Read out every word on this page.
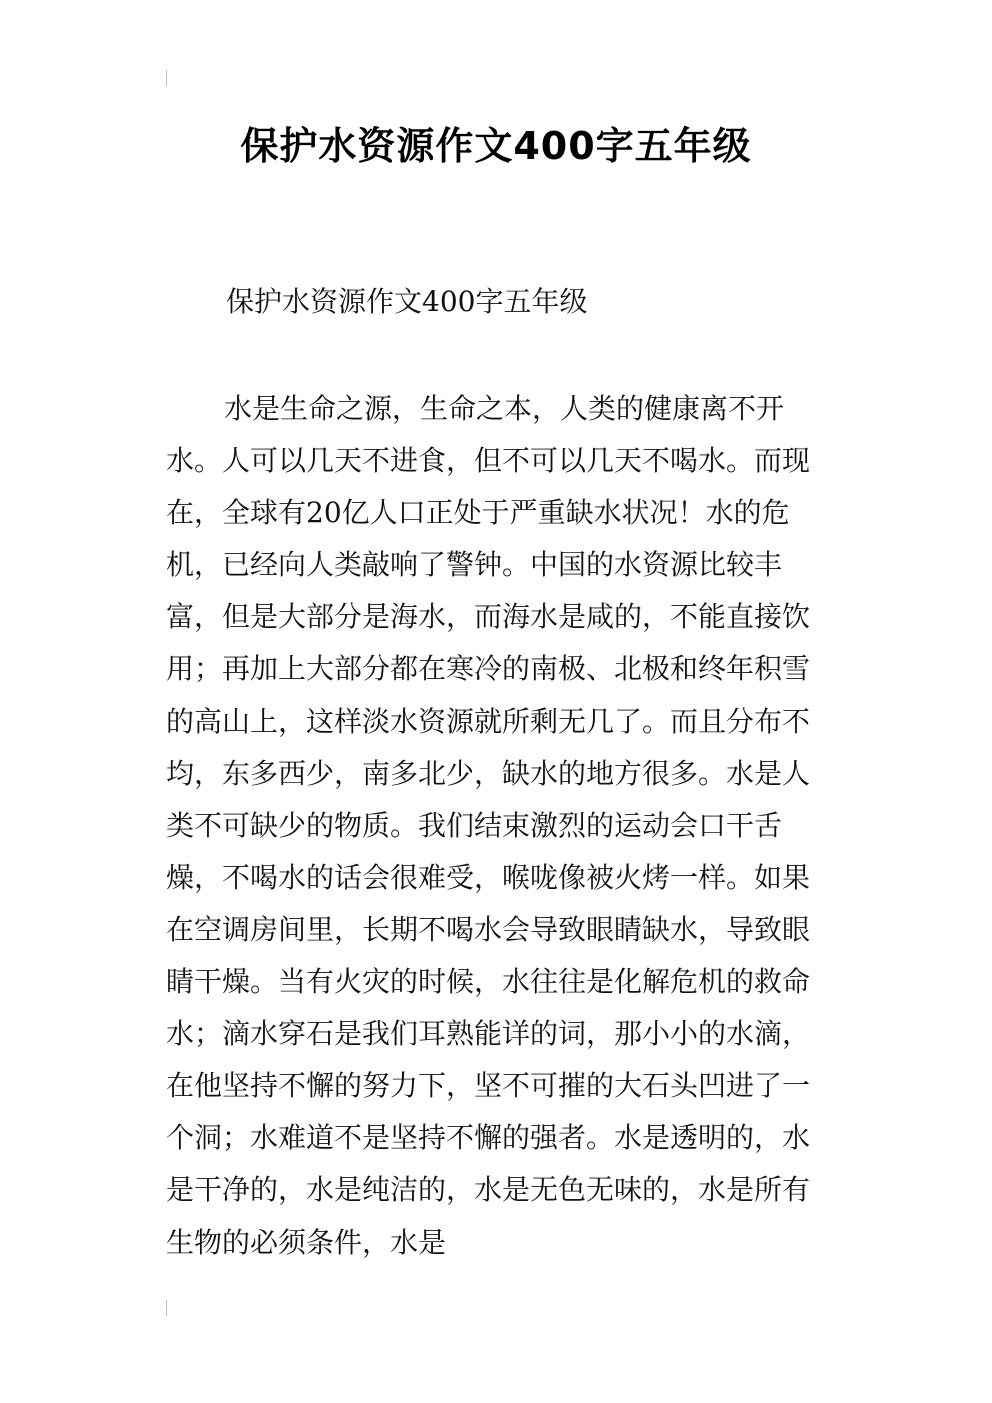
保护水资源作文400字五年级
保护水资源作文400字五年级

水是生命之源，生命之本，人类的健康离不开水。人可以几天不进食，但不可以几天不喝水。而现在，全球有20亿人口正处于严重缺水状况！水的危机，已经向人类敲响了警钟。中国的水资源比较丰富，但是大部分是海水，而海水是咸的，不能直接饮用；再加上大部分都在寒冷的南极、北极和终年积雪的高山上，这样淡水资源就所剩无几了。而且分布不均，东多西少，南多北少，缺水的地方很多。水是人类不可缺少的物质。我们结束激烈的运动会口干舌燥，不喝水的话会很难受，喉咙像被火烤一样。如果在空调房间里，长期不喝水会导致眼睛缺水，导致眼睛干燥。当有火灾的时候，水往往是化解危机的救命水；滴水穿石是我们耳熟能详的词，那小小的水滴，在他坚持不懈的努力下，坚不可摧的大石头凹进了一个洞；水难道不是坚持不懈的强者。水是透明的，水是干净的，水是纯洁的，水是无色无味的，水是所有生物的必须条件，水是
